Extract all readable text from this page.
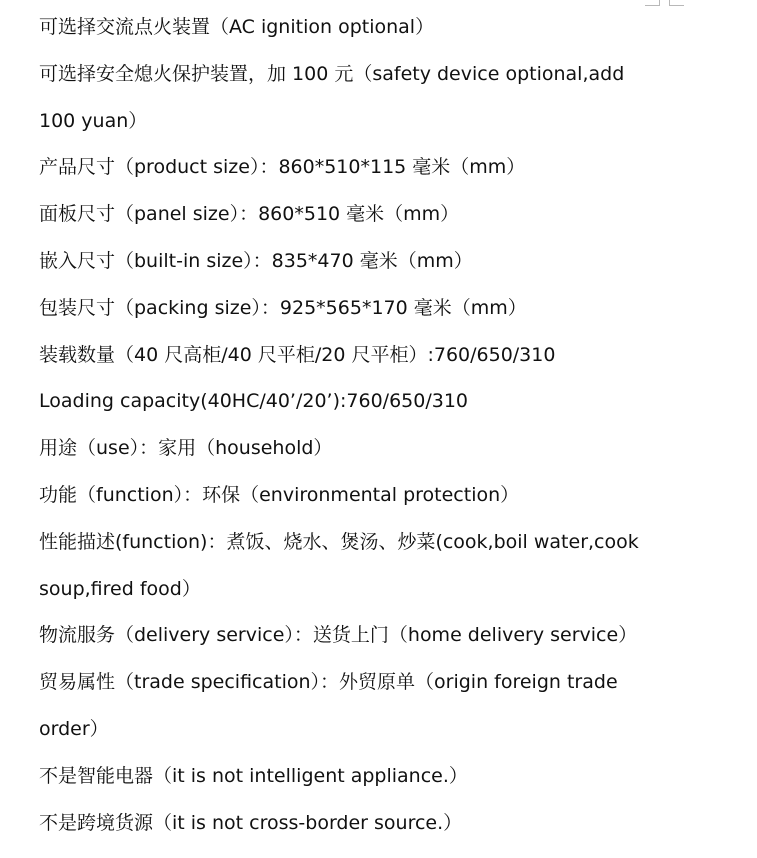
可选择交流点火装置（AC ignition optional）
可选择安全熄火保护装置，加 100 元（safety device optional,add
100 yuan）
产品尺寸（product size）：860*510*115 毫米（mm）
面板尺寸（panel size）：860*510 毫米（mm）
嵌入尺寸（built-in size）：835*470 毫米（mm）
包装尺寸（packing size）：925*565*170 毫米（mm）
装载数量（40 尺高柜/40 尺平柜/20 尺平柜）:760/650/310
Loading capacity(40HC/40’/20’):760/650/310
用途（use）：家用（household）
功能（function）：环保（environmental protection）
性能描述(function)：煮饭、烧水、煲汤、炒菜(cook,boil water,cook
soup,fired food）
物流服务（delivery service）：送货上门（home delivery service）
贸易属性（trade specification）：外贸原单（origin foreign trade
order）
不是智能电器（it is not intelligent appliance.）
不是跨境货源（it is not cross-border source.）
